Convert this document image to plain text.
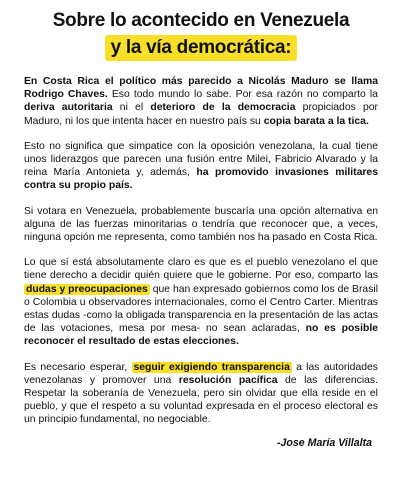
Sobre lo acontecido en Venezuela
y la vía democrática:

En Costa Rica el político más parecido a Nicolás Maduro se llama Rodrigo Chaves. Eso todo mundo lo sabe. Por esa razón no comparto la deriva autoritaria ni el deterioro de la democracia propiciados por Maduro, ni los que intenta hacer en nuestro país su copia barata a la tica.

Esto no significa que simpatice con la oposición venezolana, la cual tiene unos liderazgos que parecen una fusión entre Milei, Fabricio Alvarado y la reina María Antonieta y, además, ha promovido invasiones militares contra su propio país.

Si votara en Venezuela, probablemente buscaría una opción alternativa en alguna de las fuerzas minoritarias o tendría que reconocer que, a veces, ninguna opción me representa, como también nos ha pasado en Costa Rica.

Lo que sí está absolutamente claro es que es el pueblo venezolano el que tiene derecho a decidir quién quiere que le gobierne. Por eso, comparto las dudas y preocupaciones que han expresado gobiernos como los de Brasil o Colombia u observadores internacionales, como el Centro Carter. Mientras estas dudas -como la obligada transparencia en la presentación de las actas de las votaciones, mesa por mesa- no sean aclaradas, no es posible reconocer el resultado de estas elecciones.

Es necesario esperar, seguir exigiendo transparencia a las autoridades venezolanas y promover una resolución pacífica de las diferencias. Respetar la soberanía de Venezuela, pero sin olvidar que ella reside en el pueblo, y que el respeto a su voluntad expresada en el proceso electoral es un principio fundamental, no negociable.

-Jose María Villalta
